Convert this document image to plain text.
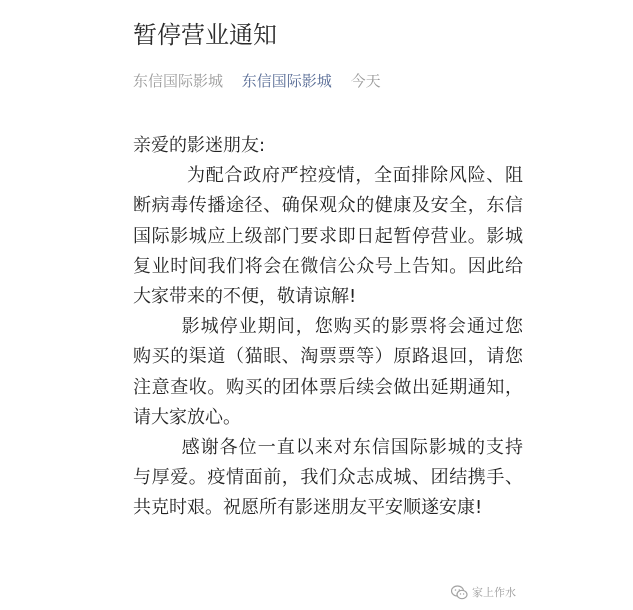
暂停营业通知
东信国际影城 东信国际影城 今天

亲爱的影迷朋友:

为配合政府严控疫情，全面排除风险、阻断病毒传播途径、确保观众的健康及安全，东信国际影城应上级部门要求即日起暂停营业。影城复业时间我们将会在微信公众号上告知。因此给大家带来的不便，敬请谅解!

影城停业期间，您购买的影票将会通过您购买的渠道（猫眼、淘票票等）原路退回，请您注意查收。购买的团体票后续会做出延期通知，请大家放心。

感谢各位一直以来对东信国际影城的支持与厚爱。疫情面前，我们众志成城、团结携手、共克时艰。祝愿所有影迷朋友平安顺遂安康!

家上作水
